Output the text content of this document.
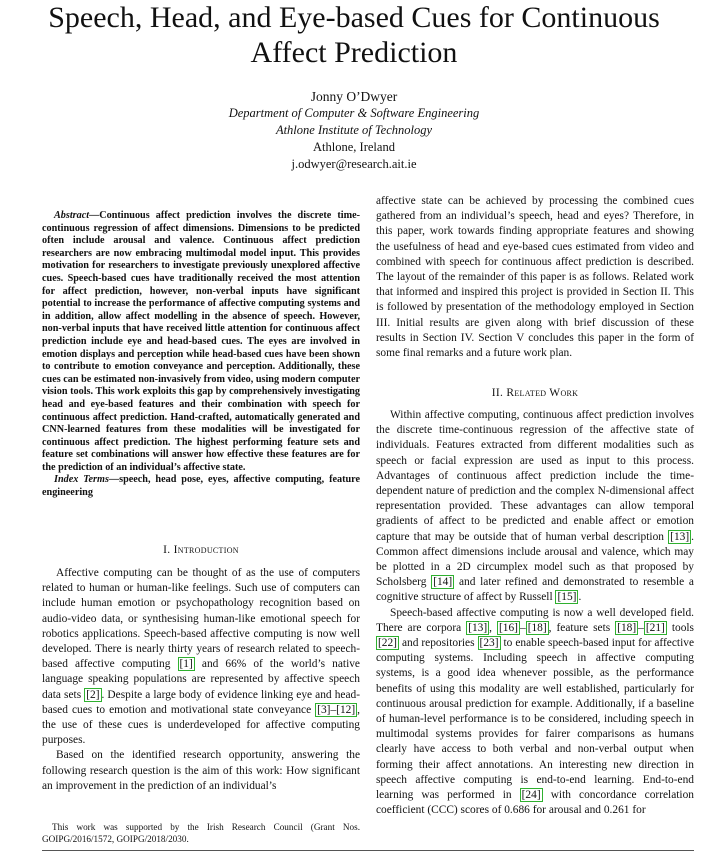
Speech, Head, and Eye-based Cues for Continuous Affect Prediction
Jonny O’Dwyer
Department of Computer & Software Engineering
Athlone Institute of Technology
Athlone, Ireland
j.odwyer@research.ait.ie

Abstract—Continuous affect prediction involves the discrete time-continuous regression of affect dimensions. Dimensions to be predicted often include arousal and valence. Continuous affect prediction researchers are now embracing multimodal model input. This provides motivation for researchers to investigate previously unexplored affective cues. Speech-based cues have traditionally received the most attention for affect prediction, however, non-verbal inputs have significant potential to increase the performance of affective computing systems and in addition, allow affect modelling in the absence of speech. However, non-verbal inputs that have received little attention for continuous affect prediction include eye and head-based cues. The eyes are involved in emotion displays and perception while head-based cues have been shown to contribute to emotion conveyance and perception. Additionally, these cues can be estimated non-invasively from video, using modern computer vision tools. This work exploits this gap by comprehensively investigating head and eye-based features and their combination with speech for continuous affect prediction. Hand-crafted, automatically generated and CNN-learned features from these modalities will be investigated for continuous affect prediction. The highest performing feature sets and feature set combinations will answer how effective these features are for the prediction of an individual’s affective state.

Index Terms—speech, head pose, eyes, affective computing, feature engineering

I. Introduction

Affective computing can be thought of as the use of computers related to human or human-like feelings. Such use of computers can include human emotion or psychopathology recognition based on audio-video data, or synthesising human-like emotional speech for robotics applications. Speech-based affective computing is now well developed. There is nearly thirty years of research related to speech-based affective computing [1] and 66% of the world’s native language speaking populations are represented by affective speech data sets [2] . Despite a large body of evidence linking eye and head-based cues to emotion and motivational state conveyance [3]–[12] , the use of these cues is underdeveloped for affective computing purposes.

Based on the identified research opportunity, answering the following research question is the aim of this work: How significant an improvement in the prediction of an individual’s

This work was supported by the Irish Research Council (Grant Nos. GOIPG/2016/1572, GOIPG/2018/2030.

affective state can be achieved by processing the combined cues gathered from an individual’s speech, head and eyes? Therefore, in this paper, work towards finding appropriate features and showing the usefulness of head and eye-based cues estimated from video and combined with speech for continuous affect prediction is described. The layout of the remainder of this paper is as follows. Related work that informed and inspired this project is provided in Section II. This is followed by presentation of the methodology employed in Section III. Initial results are given along with brief discussion of these results in Section IV. Section V concludes this paper in the form of some final remarks and a future work plan.

II. Related Work

Within affective computing, continuous affect prediction involves the discrete time-continuous regression of the affective state of individuals. Features extracted from different modalities such as speech or facial expression are used as input to this process. Advantages of continuous affect prediction include the time-dependent nature of prediction and the complex N-dimensional affect representation provided. These advantages can allow temporal gradients of affect to be predicted and enable affect or emotion capture that may be outside that of human verbal description [13] . Common affect dimensions include arousal and valence, which may be plotted in a 2D circumplex model such as that proposed by Scholsberg [14] and later refined and demonstrated to resemble a cognitive structure of affect by Russell [15] .

Speech-based affective computing is now a well developed field. There are corpora [13] , [16] – [18] , feature sets [18] – [21] tools [22] and repositories [23] to enable speech-based input for affective computing systems. Including speech in affective computing systems, is a good idea whenever possible, as the performance benefits of using this modality are well established, particularly for continuous arousal prediction for example. Additionally, if a baseline of human-level performance is to be considered, including speech in multimodal systems provides for fairer comparisons as humans clearly have access to both verbal and non-verbal output when forming their affect annotations. An interesting new direction in speech affective computing is end-to-end learning. End-to-end learning was performed in [24] with concordance correlation coefficient (CCC) scores of 0.686 for arousal and 0.261 for
